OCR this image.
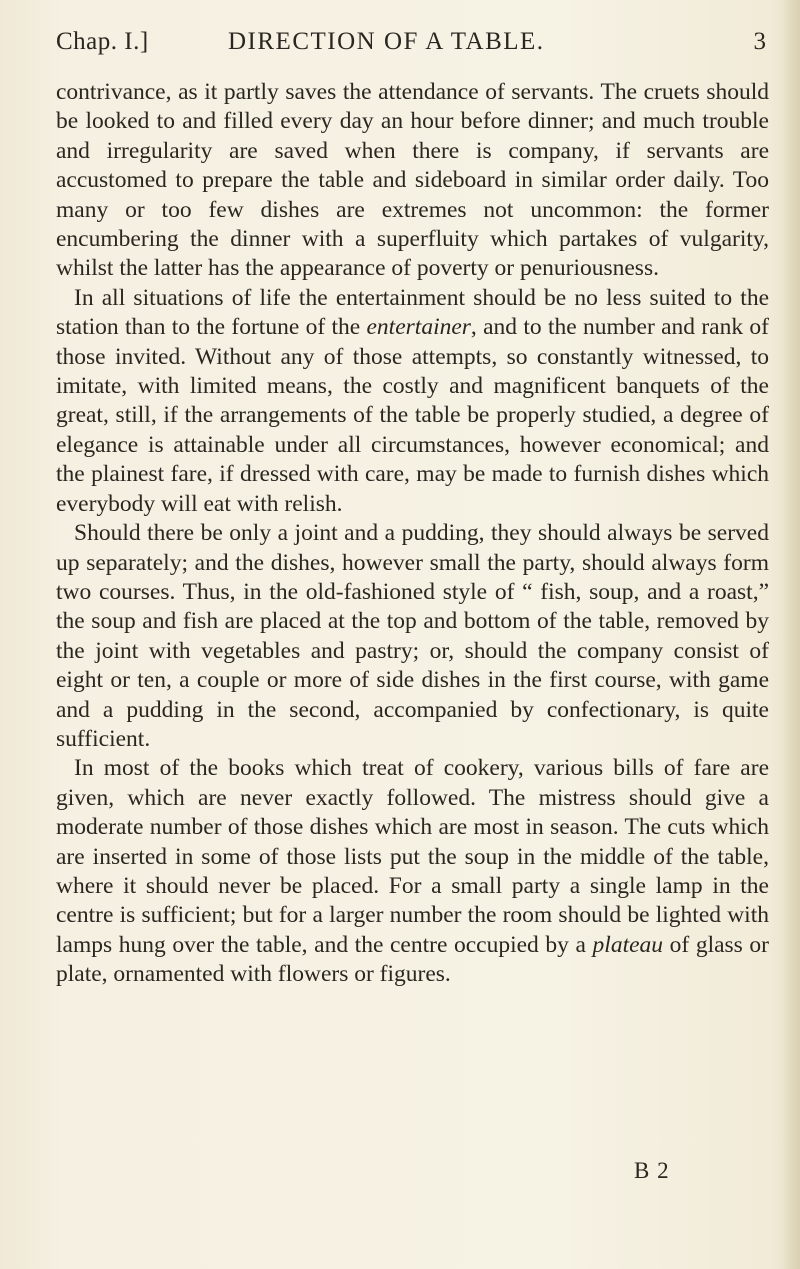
Chap. I.]	DIRECTION OF A TABLE.	3

contrivance, as it partly saves the attendance of servants. The cruets should be looked to and filled every day an hour before dinner; and much trouble and irregularity are saved when there is company, if servants are accustomed to prepare the table and sideboard in similar order daily. Too many or too few dishes are extremes not uncommon: the former encumbering the dinner with a superfluity which partakes of vulgarity, whilst the latter has the appearance of poverty or penuriousness.

In all situations of life the entertainment should be no less suited to the station than to the fortune of the entertainer, and to the number and rank of those invited. Without any of those attempts, so constantly witnessed, to imitate, with limited means, the costly and magnificent banquets of the great, still, if the arrangements of the table be properly studied, a degree of elegance is attainable under all circumstances, however economical; and the plainest fare, if dressed with care, may be made to furnish dishes which everybody will eat with relish.

Should there be only a joint and a pudding, they should always be served up separately; and the dishes, however small the party, should always form two courses. Thus, in the old-fashioned style of “ fish, soup, and a roast,” the soup and fish are placed at the top and bottom of the table, removed by the joint with vegetables and pastry; or, should the company consist of eight or ten, a couple or more of side dishes in the first course, with game and a pudding in the second, accompanied by confectionary, is quite sufficient.

In most of the books which treat of cookery, various bills of fare are given, which are never exactly followed. The mistress should give a moderate number of those dishes which are most in season. The cuts which are inserted in some of those lists put the soup in the middle of the table, where it should never be placed. For a small party a single lamp in the centre is sufficient; but for a larger number the room should be lighted with lamps hung over the table, and the centre occupied by a plateau of glass or plate, ornamented with flowers or figures.

B 2
